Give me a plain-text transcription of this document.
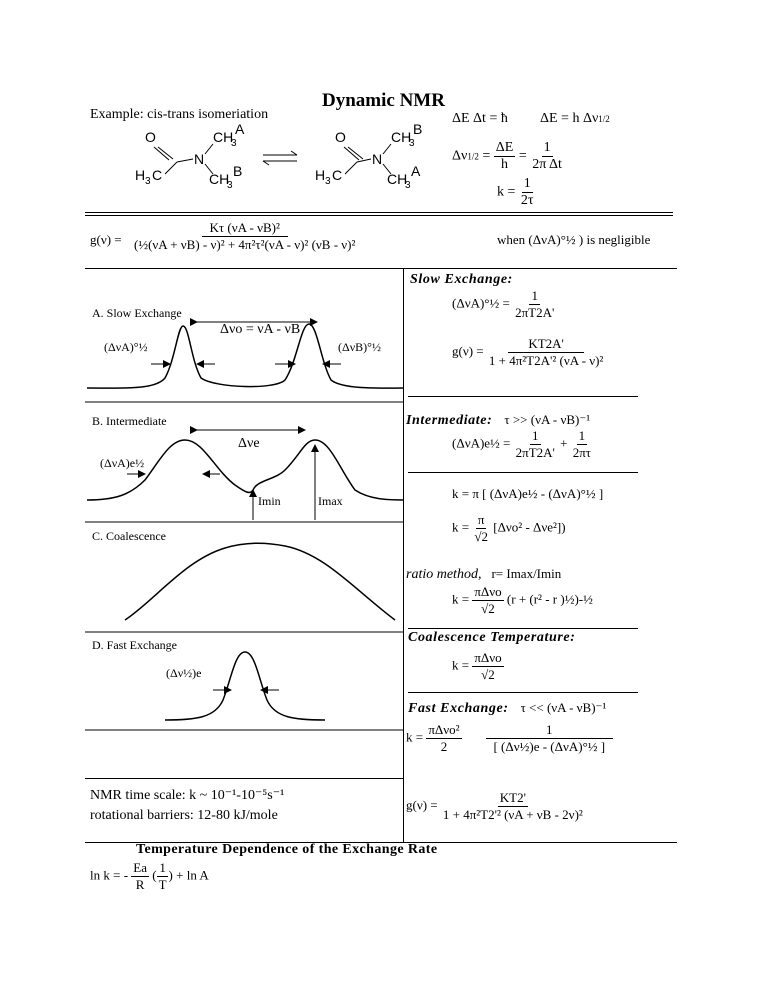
Dynamic NMR
Example: cis-trans isomeriation
O
H 3 C
N
CH
3
A
CH
3
B
O
H 3 C
N
CH
3
B
CH
3
A
ΔE Δt = ħ ΔE = h Δν1/2
$\Delta\nu 1/2 = \frac{\Delta E}{h} = \frac{1}{\text{2π Δt}}$
$k = \frac{1}{2\tau}$
$g(\nu) = \frac{\text{Kτ (νA - νB)²}}{\text{(½(νA + νB) - ν)² + 4π²τ²(νA - ν)² (νB - ν)²}}$	when (ΔνA)°½ ) is negligible
A. Slow Exchange
Δνo = νA - νB
(ΔνA)°½	(ΔνB)°½
B. Intermediate
Δνe
(ΔνA)e½
Imin	Imax
C. Coalescence
D. Fast Exchange
(Δν½)e
NMR time scale: k ~ 10⁻¹-10⁻⁵s⁻¹
rotational barriers: 12-80 kJ/mole
Slow Exchange:
(ΔνA)°½ = $\frac{1}{2\pi T2A'}$
$g(\nu) = \frac{KT2A'}{\text{1 + 4π²T2A'² (νA - ν)²}}$
Intermediate: τ >> (νA - νB)⁻¹
(ΔνA)e½ = $\frac{1}{2\pi T2A'} + \frac{1}{2\pi\tau}$
k = π [ (ΔνA)e½ - (ΔνA)°½ ]
$k = \frac{\pi}{√2} [\Delta\nu o^2 - \Delta\nu e^2]$)
ratio method, r= Imax/Imin
$k = \frac{\text{πΔνo}}{√2} (r + (r^2 - r$ )½)-½
Coalescence Temperature:
$k = \frac{\text{πΔνo}}{√2}$
Fast Exchange: τ << (νA - νB)⁻¹
$k = \frac{\text{πΔνo²}}{2}$
$\frac{1}{\text{[ (Δν½)e - (ΔνA)°½ ]}}$
$g(\nu) = \frac{KT2'}{\text{1 + 4π²T2'² (νA + νB - 2ν)²}}$
Temperature Dependence of the Exchange Rate
ln k = - $\frac{Ea}{R}$ ( $\frac{1}{T}$ ) + ln A
